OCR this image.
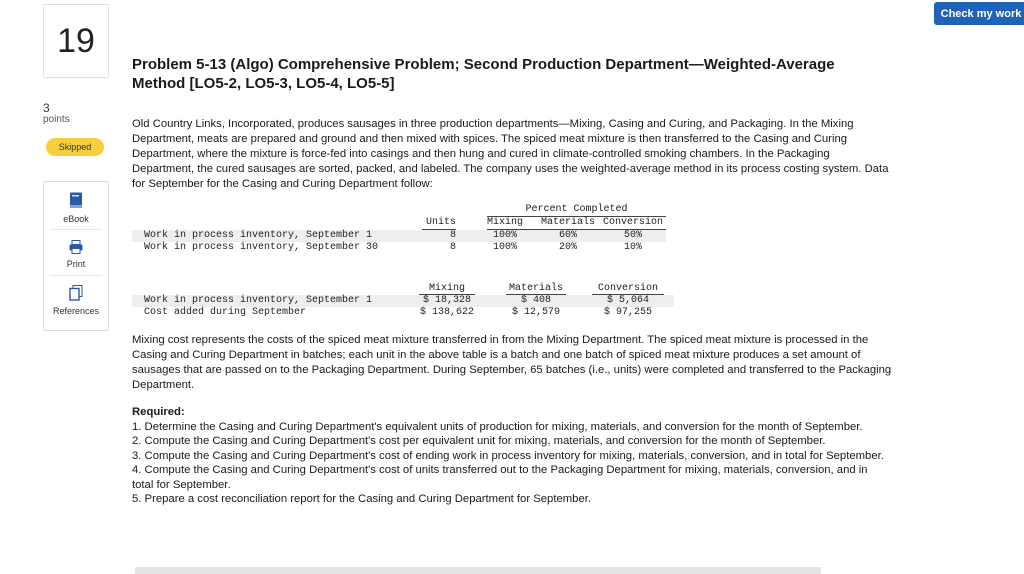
19
3
points
Skipped
eBook
Print
References
Check my work
Problem 5-13 (Algo) Comprehensive Problem; Second Production Department—Weighted-Average Method [LO5-2, LO5-3, LO5-4, LO5-5]

Old Country Links, Incorporated, produces sausages in three production departments—Mixing, Casing and Curing, and Packaging. In the Mixing Department, meats are prepared and ground and then mixed with spices. The spiced meat mixture is then transferred to the Casing and Curing Department, where the mixture is force-fed into casings and then hung and cured in climate-controlled smoking chambers. In the Packaging Department, the cured sausages are sorted, packed, and labeled. The company uses the weighted-average method in its process costing system. Data for September for the Casing and Curing Department follow:

Percent Completed
Units	Mixing Materials Conversion
Work in process inventory, September 1	8	100%	60%	50%
Work in process inventory, September 30	8	100%	20%	10%
Mixing	Materials	Conversion
Work in process inventory, September 1	$ 18,328	$ 408	$ 5,064
Cost added during September	$ 138,622	$ 12,579	$ 97,255

Mixing cost represents the costs of the spiced meat mixture transferred in from the Mixing Department. The spiced meat mixture is processed in the Casing and Curing Department in batches; each unit in the above table is a batch and one batch of spiced meat mixture produces a set amount of sausages that are passed on to the Packaging Department. During September, 65 batches (i.e., units) were completed and transferred to the Packaging Department.

Required:

1. Determine the Casing and Curing Department's equivalent units of production for mixing, materials, and conversion for the month of September.

2. Compute the Casing and Curing Department's cost per equivalent unit for mixing, materials, and conversion for the month of September.

3. Compute the Casing and Curing Department's cost of ending work in process inventory for mixing, materials, conversion, and in total for September.

4. Compute the Casing and Curing Department's cost of units transferred out to the Packaging Department for mixing, materials, conversion, and in total for September.

5. Prepare a cost reconciliation report for the Casing and Curing Department for September.
